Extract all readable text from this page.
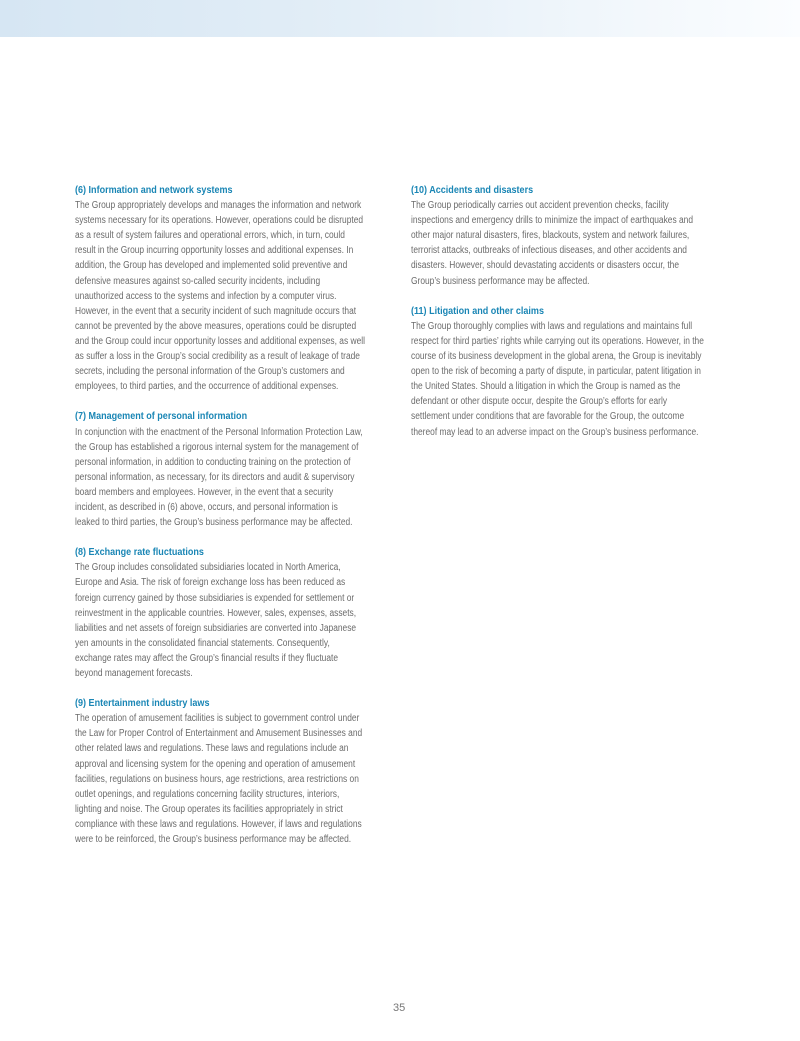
(6) Information and network systems
The Group appropriately develops and manages the information and network
systems necessary for its operations. However, operations could be disrupted
as a result of system failures and operational errors, which, in turn, could
result in the Group incurring opportunity losses and additional expenses. In
addition, the Group has developed and implemented solid preventive and
defensive measures against so-called security incidents, including
unauthorized access to the systems and infection by a computer virus.
However, in the event that a security incident of such magnitude occurs that
cannot be prevented by the above measures, operations could be disrupted
and the Group could incur opportunity losses and additional expenses, as well
as suffer a loss in the Group’s social credibility as a result of leakage of trade
secrets, including the personal information of the Group’s customers and
employees, to third parties, and the occurrence of additional expenses.
(7) Management of personal information
In conjunction with the enactment of the Personal Information Protection Law,
the Group has established a rigorous internal system for the management of
personal information, in addition to conducting training on the protection of
personal information, as necessary, for its directors and audit & supervisory
board members and employees. However, in the event that a security
incident, as described in (6) above, occurs, and personal information is
leaked to third parties, the Group’s business performance may be affected.
(8) Exchange rate fluctuations
The Group includes consolidated subsidiaries located in North America,
Europe and Asia. The risk of foreign exchange loss has been reduced as
foreign currency gained by those subsidiaries is expended for settlement or
reinvestment in the applicable countries. However, sales, expenses, assets,
liabilities and net assets of foreign subsidiaries are converted into Japanese
yen amounts in the consolidated financial statements. Consequently,
exchange rates may affect the Group’s financial results if they fluctuate
beyond management forecasts.
(9) Entertainment industry laws
The operation of amusement facilities is subject to government control under
the Law for Proper Control of Entertainment and Amusement Businesses and
other related laws and regulations. These laws and regulations include an
approval and licensing system for the opening and operation of amusement
facilities, regulations on business hours, age restrictions, area restrictions on
outlet openings, and regulations concerning facility structures, interiors,
lighting and noise. The Group operates its facilities appropriately in strict
compliance with these laws and regulations. However, if laws and regulations
were to be reinforced, the Group’s business performance may be affected.
(10) Accidents and disasters
The Group periodically carries out accident prevention checks, facility
inspections and emergency drills to minimize the impact of earthquakes and
other major natural disasters, fires, blackouts, system and network failures,
terrorist attacks, outbreaks of infectious diseases, and other accidents and
disasters. However, should devastating accidents or disasters occur, the
Group’s business performance may be affected.
(11) Litigation and other claims
The Group thoroughly complies with laws and regulations and maintains full
respect for third parties’ rights while carrying out its operations. However, in the
course of its business development in the global arena, the Group is inevitably
open to the risk of becoming a party of dispute, in particular, patent litigation in
the United States. Should a litigation in which the Group is named as the
defendant or other dispute occur, despite the Group’s efforts for early
settlement under conditions that are favorable for the Group, the outcome
thereof may lead to an adverse impact on the Group’s business performance.
35
